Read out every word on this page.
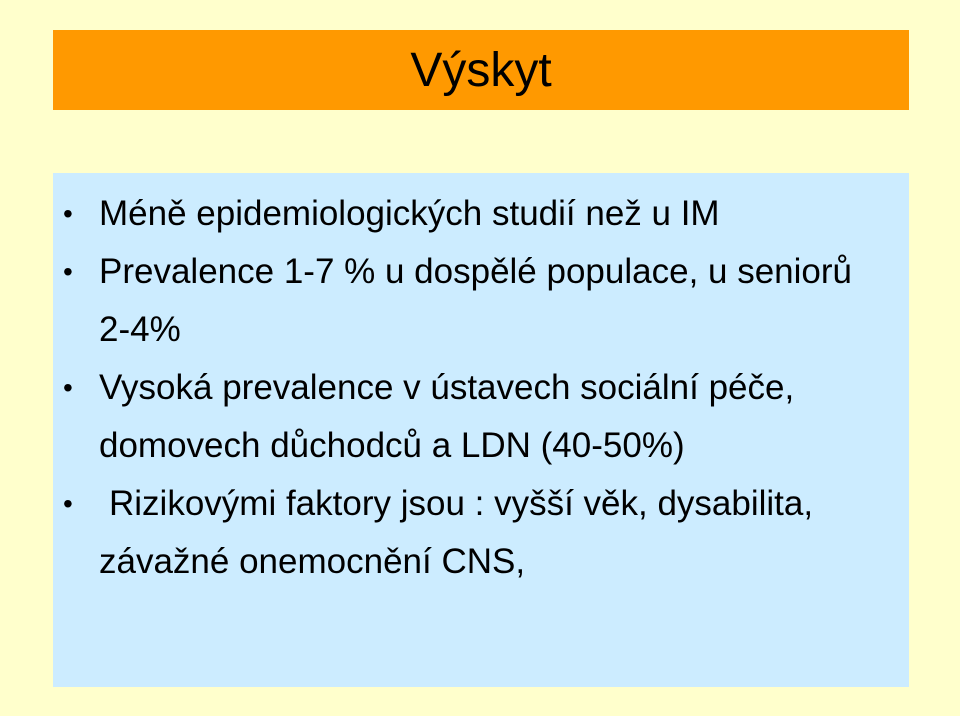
Výskyt
• Méně epidemiologických studií než u IM
• Prevalence 1-7 % u dospělé populace, u seniorů 2-4%
• Vysoká prevalence v ústavech sociální péče, domovech důchodců a LDN (40-50%)
• Rizikovými faktory jsou : vyšší věk, dysabilita, závažné onemocnění CNS,
